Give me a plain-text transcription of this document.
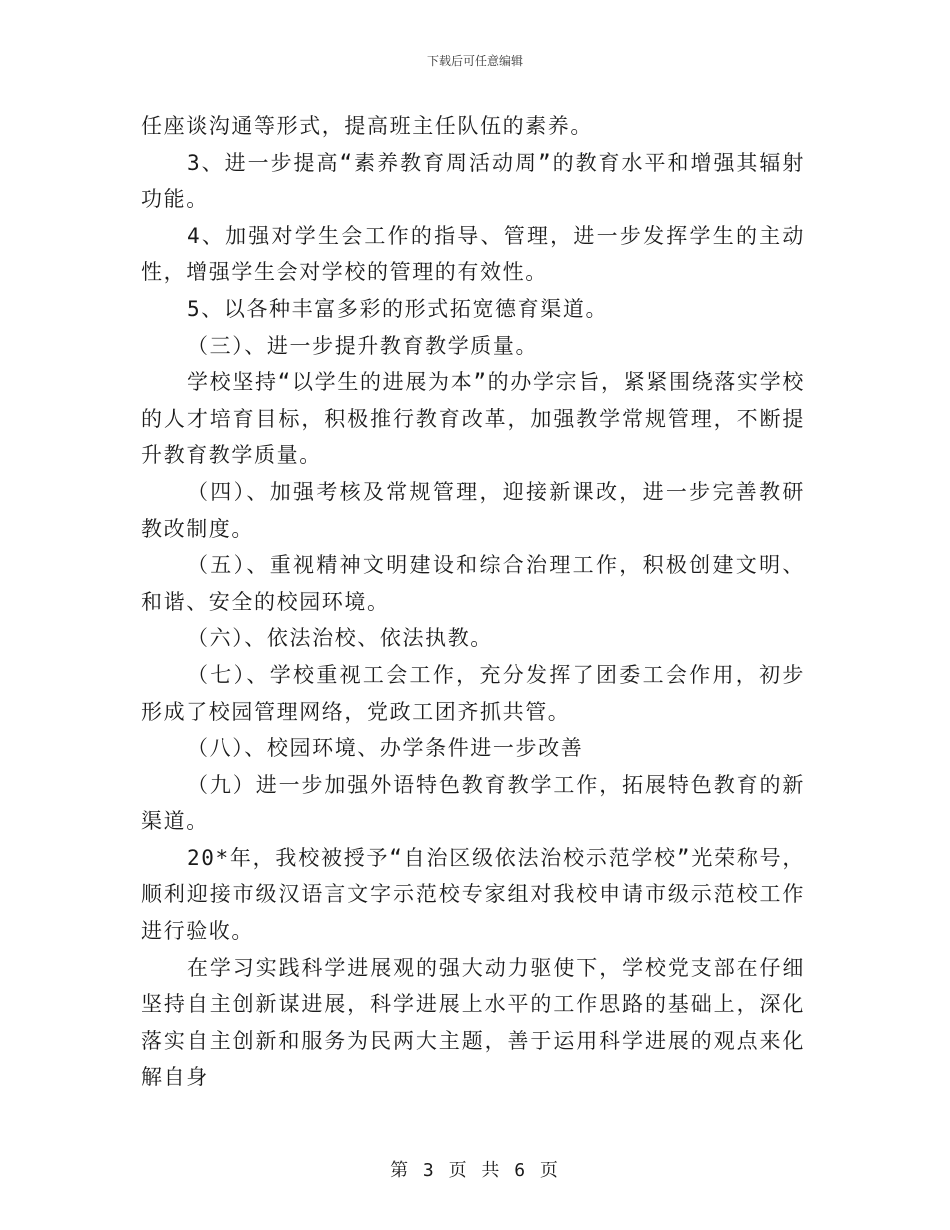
下载后可任意编辑

任座谈沟通等形式，提高班主任队伍的素养。

3、进一步提高“素养教育周活动周”的教育水平和增强其辐射功能。

4、加强对学生会工作的指导、管理，进一步发挥学生的主动性，增强学生会对学校的管理的有效性。

5、以各种丰富多彩的形式拓宽德育渠道。

（三）、进一步提升教育教学质量。

学校坚持“以学生的进展为本”的办学宗旨，紧紧围绕落实学校的人才培育目标，积极推行教育改革，加强教学常规管理，不断提升教育教学质量。

（四）、加强考核及常规管理，迎接新课改，进一步完善教研教改制度。

（五）、重视精神文明建设和综合治理工作，积极创建文明、和谐、安全的校园环境。

（六）、依法治校、依法执教。

（七）、学校重视工会工作，充分发挥了团委工会作用，初步形成了校园管理网络，党政工团齐抓共管。

（八）、校园环境、办学条件进一步改善

（九）进一步加强外语特色教育教学工作，拓展特色教育的新渠道。

20*年，我校被授予“自治区级依法治校示范学校”光荣称号，顺利迎接市级汉语言文字示范校专家组对我校申请市级示范校工作进行验收。

在学习实践科学进展观的强大动力驱使下，学校党支部在仔细坚持自主创新谋进展，科学进展上水平的工作思路的基础上，深化落实自主创新和服务为民两大主题，善于运用科学进展的观点来化解自身

第 3 页 共 6 页
